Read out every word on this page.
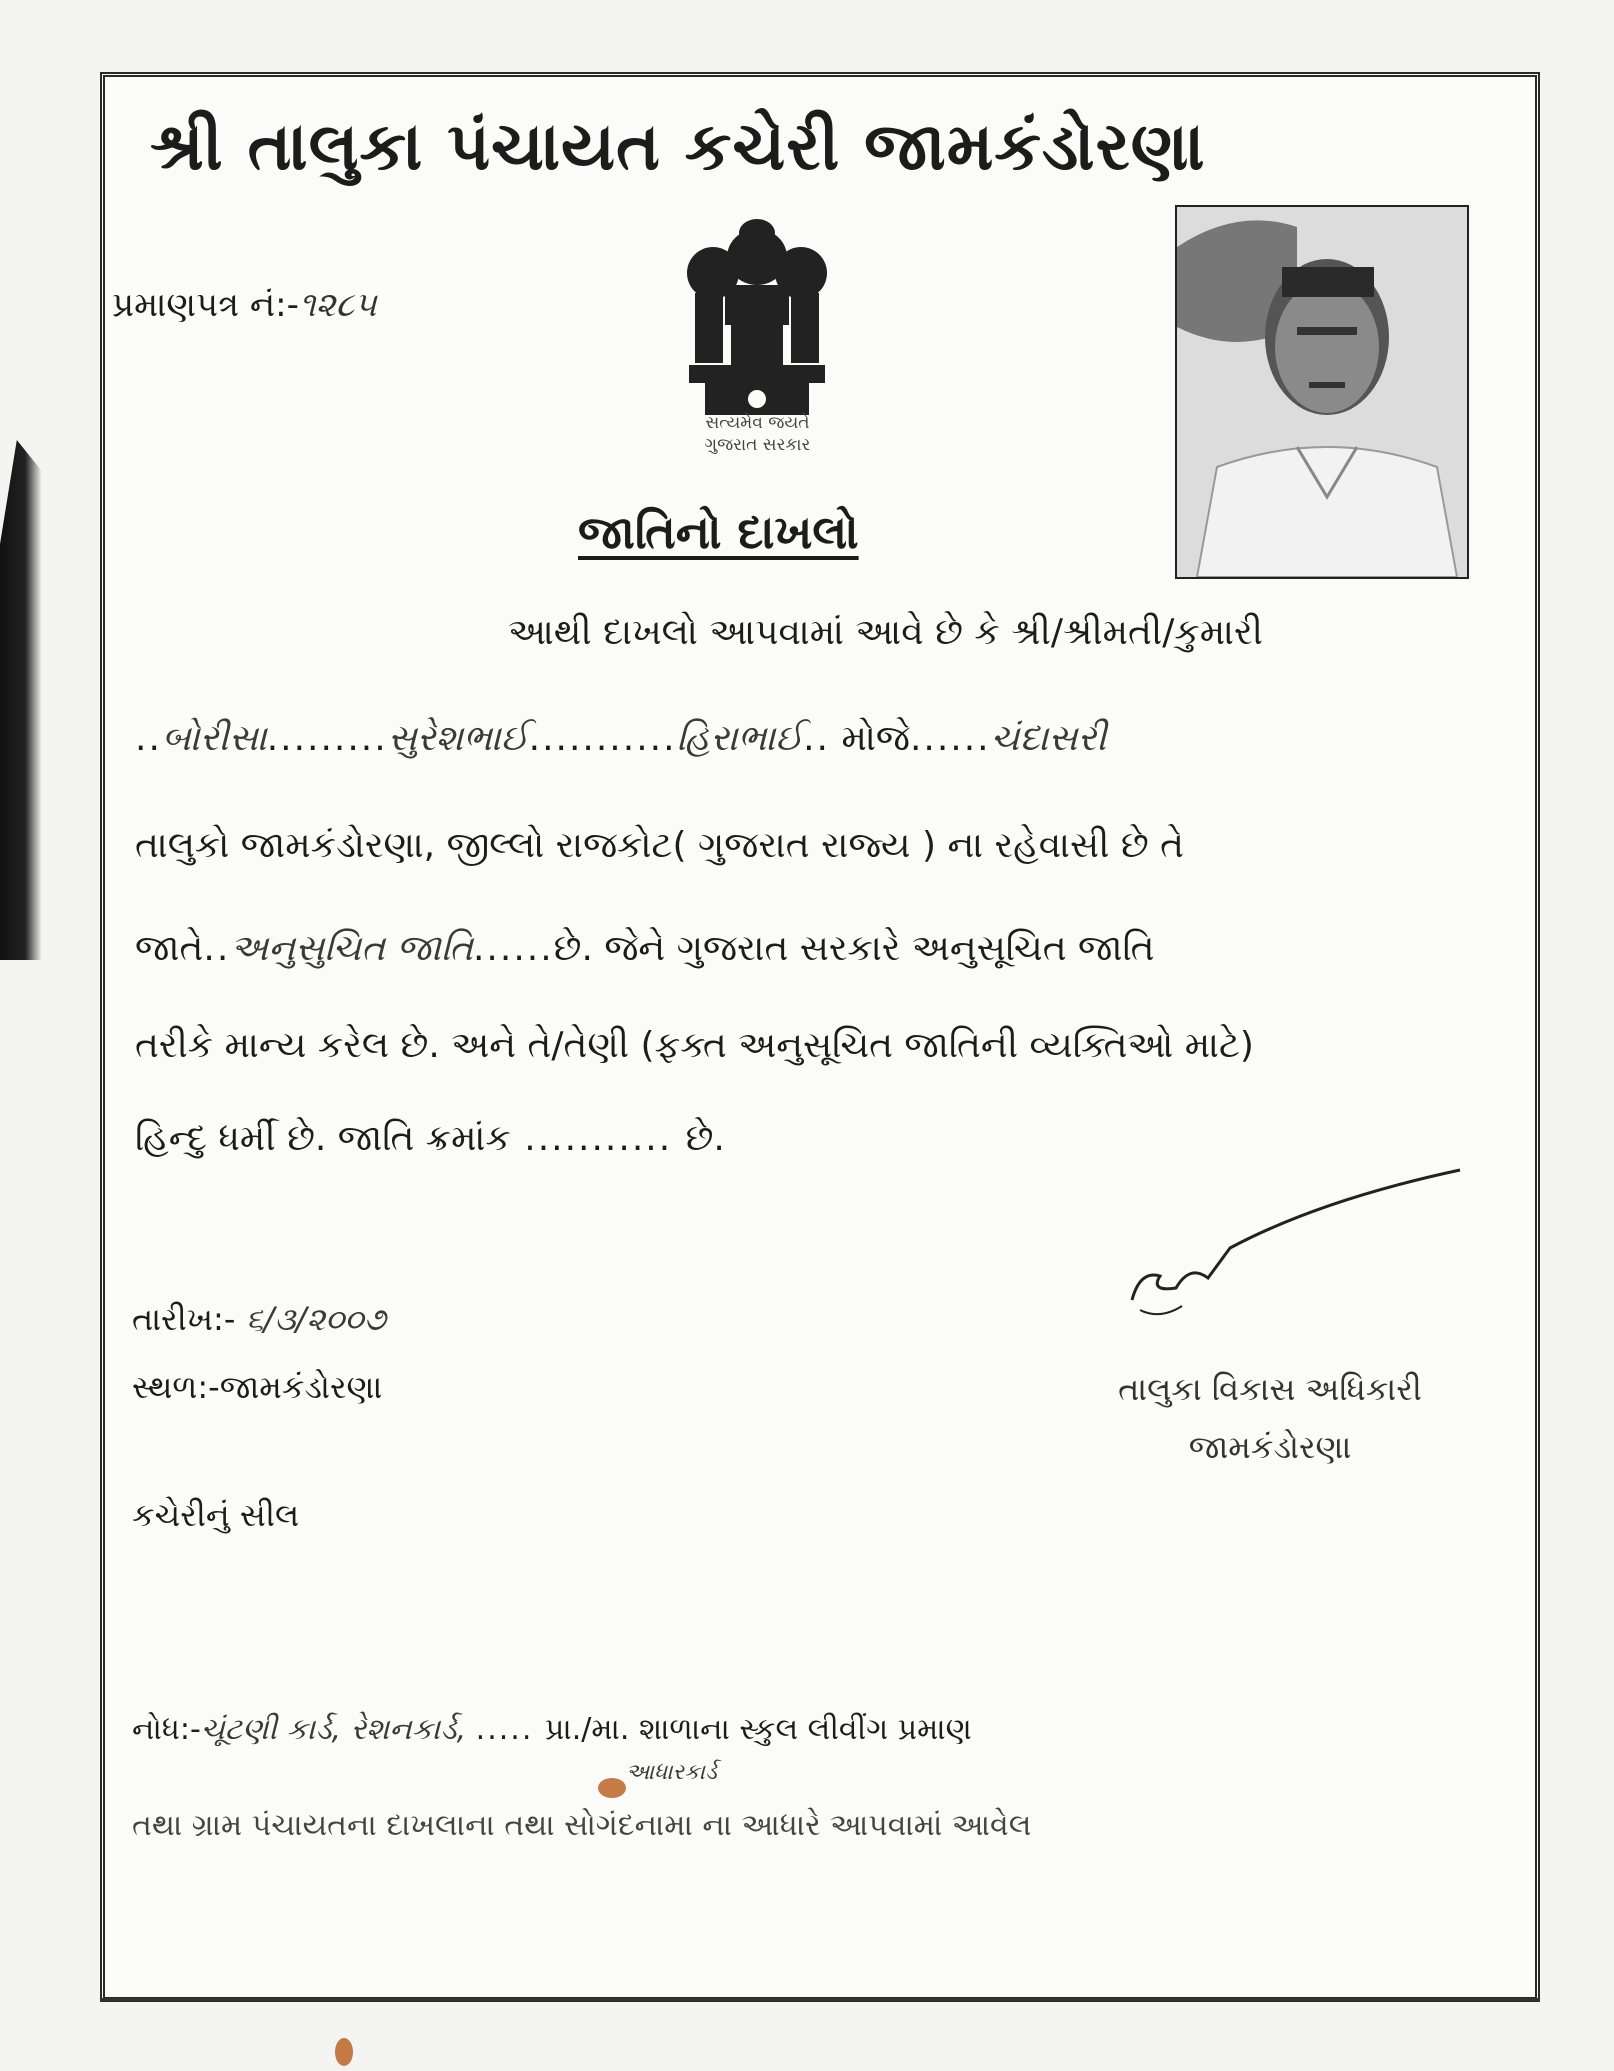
શ્રી તાલુકા પંચાયત કચેરી જામકંડોરણા
પ્રમાણપત્ર નં:-૧૨૮૫
સત્યમેવ જયતે
ગુજરાત સરકાર
જાતિનો દાખલો
આથી દાખલો આપવામાં આવે છે કે શ્રી/શ્રીમતી/કુમારી
..બોરીસા.........સુરેશભાઈ...........હિરાભાઈ.. મોજે......ચંદાસરી
તાલુકો જામકંડોરણા, જીલ્લો રાજકોટ( ગુજરાત રાજ્ય ) ના રહેવાસી છે તે
જાતે..અનુસુચિત જાતિ......છે. જેને ગુજરાત સરકારે અનુસૂચિત જાતિ
તરીકે માન્ય કરેલ છે. અને તે/તેણી (ફક્ત અનુસૂચિત જાતિની વ્યક્તિઓ માટે)
હિન્દુ ધર્મી છે. જાતિ ક્રમાંક ........... છે.
તારીખ:- ૬/૩/૨૦૦૭
સ્થળ:-જામકંડોરણા
કચેરીનું સીલ
તાલુકા વિકાસ અધિકારી
જામકંડોરણા
નોધ:-ચૂંટણી કાર્ડ, રેશનકાર્ડ, ..... પ્રા./મા. શાળાના સ્કુલ લીવીંગ પ્રમાણ
આધારકાર્ડ
તથા ગ્રામ પંચાયતના દાખલાના તથા સોગંદનામા ના આધારે આપવામાં આવેલ
